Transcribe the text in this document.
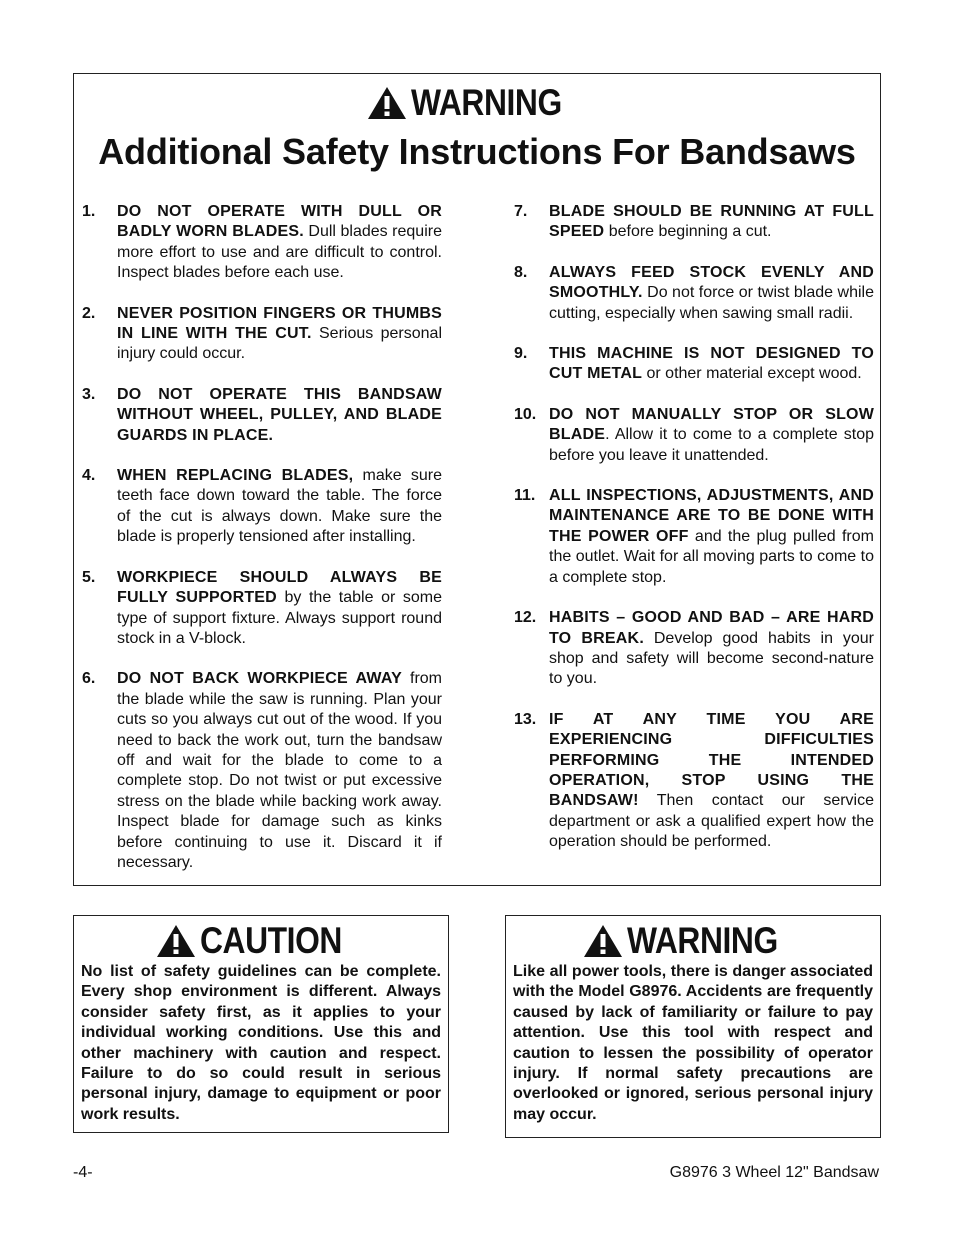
WARNING
Additional Safety Instructions For Bandsaws
1.	DO NOT OPERATE WITH DULL OR BADLY WORN BLADES. Dull blades require more effort to use and are difficult to control. Inspect blades before each use.
2.	NEVER POSITION FINGERS OR THUMBS IN LINE WITH THE CUT. Serious personal injury could occur.
3.	DO NOT OPERATE THIS BANDSAW WITHOUT WHEEL, PULLEY, AND BLADE GUARDS IN PLACE.
4.	WHEN REPLACING BLADES, make sure teeth face down toward the table. The force of the cut is always down. Make sure the blade is properly tensioned after installing.
5.	WORKPIECE SHOULD ALWAYS BE FULLY SUPPORTED by the table or some type of support fixture. Always support round stock in a V-block.
6.	DO NOT BACK WORKPIECE AWAY from the blade while the saw is running. Plan your cuts so you always cut out of the wood. If you need to back the work out, turn the bandsaw off and wait for the blade to come to a complete stop. Do not twist or put excessive stress on the blade while backing work away. Inspect blade for damage such as kinks before continuing to use it. Discard it if necessary.
7.	BLADE SHOULD BE RUNNING AT FULL SPEED before beginning a cut.
8.	ALWAYS FEED STOCK EVENLY AND SMOOTHLY. Do not force or twist blade while cutting, especially when sawing small radii.
9.	THIS MACHINE IS NOT DESIGNED TO CUT METAL or other material except wood.
10. DO NOT MANUALLY STOP OR SLOW BLADE. Allow it to come to a complete stop before you leave it unattended.
11. ALL INSPECTIONS, ADJUSTMENTS, AND MAINTENANCE ARE TO BE DONE WITH THE POWER OFF and the plug pulled from the outlet. Wait for all moving parts to come to a complete stop.
12. HABITS – GOOD AND BAD – ARE HARD TO BREAK. Develop good habits in your shop and safety will become second-nature to you.
13. IF AT ANY TIME YOU ARE EXPERIENCING DIFFICULTIES PERFORMING THE INTENDED OPERATION, STOP USING THE BANDSAW! Then contact our service department or ask a qualified expert how the operation should be performed.
CAUTION
No list of safety guidelines can be complete. Every shop environment is different. Always consider safety first, as it applies to your individual working conditions. Use this and other machinery with caution and respect. Failure to do so could result in serious personal injury, damage to equipment or poor work results.
WARNING
Like all power tools, there is danger associated with the Model G8976. Accidents are frequently caused by lack of familiarity or failure to pay attention. Use this tool with respect and caution to lessen the possibility of operator injury. If normal safety precautions are overlooked or ignored, serious personal injury may occur.
-4-	G8976 3 Wheel 12" Bandsaw
